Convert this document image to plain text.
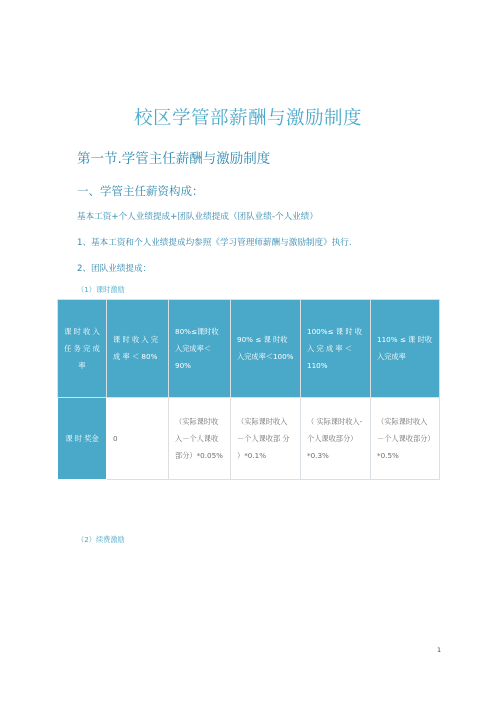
校区学管部薪酬与激励制度
第一节.学管主任薪酬与激励制度
一、学管主任薪资构成：
基本工资+个人业绩提成+团队业绩提成（团队业绩-个人业绩）
1、基本工资和个人业绩提成均参照《学习管理师薪酬与激励制度》执行.
2、团队业绩提成：
（1）课时激励
课 时 收 入 任 务 完 成 率	课 时 收 入 完 成 率 ＜ 80%	80%≤课时收入完成率＜90%	90% ≤ 课 时收入完成率＜100%	100%≤ 课 时 收 入 完 成 率 ＜ 110%	110% ≤ 课 时收入完成率

课 时 奖金	0	（实际课时收入－个人课收部分）*0.05%	（实际课时收入－个人课收部 分 ）*0.1%	（ 实际课时收入-个人课收部分）*0.3%	（实际课时收入－个人课收部分）*0.5%
（2）续费激励
1
